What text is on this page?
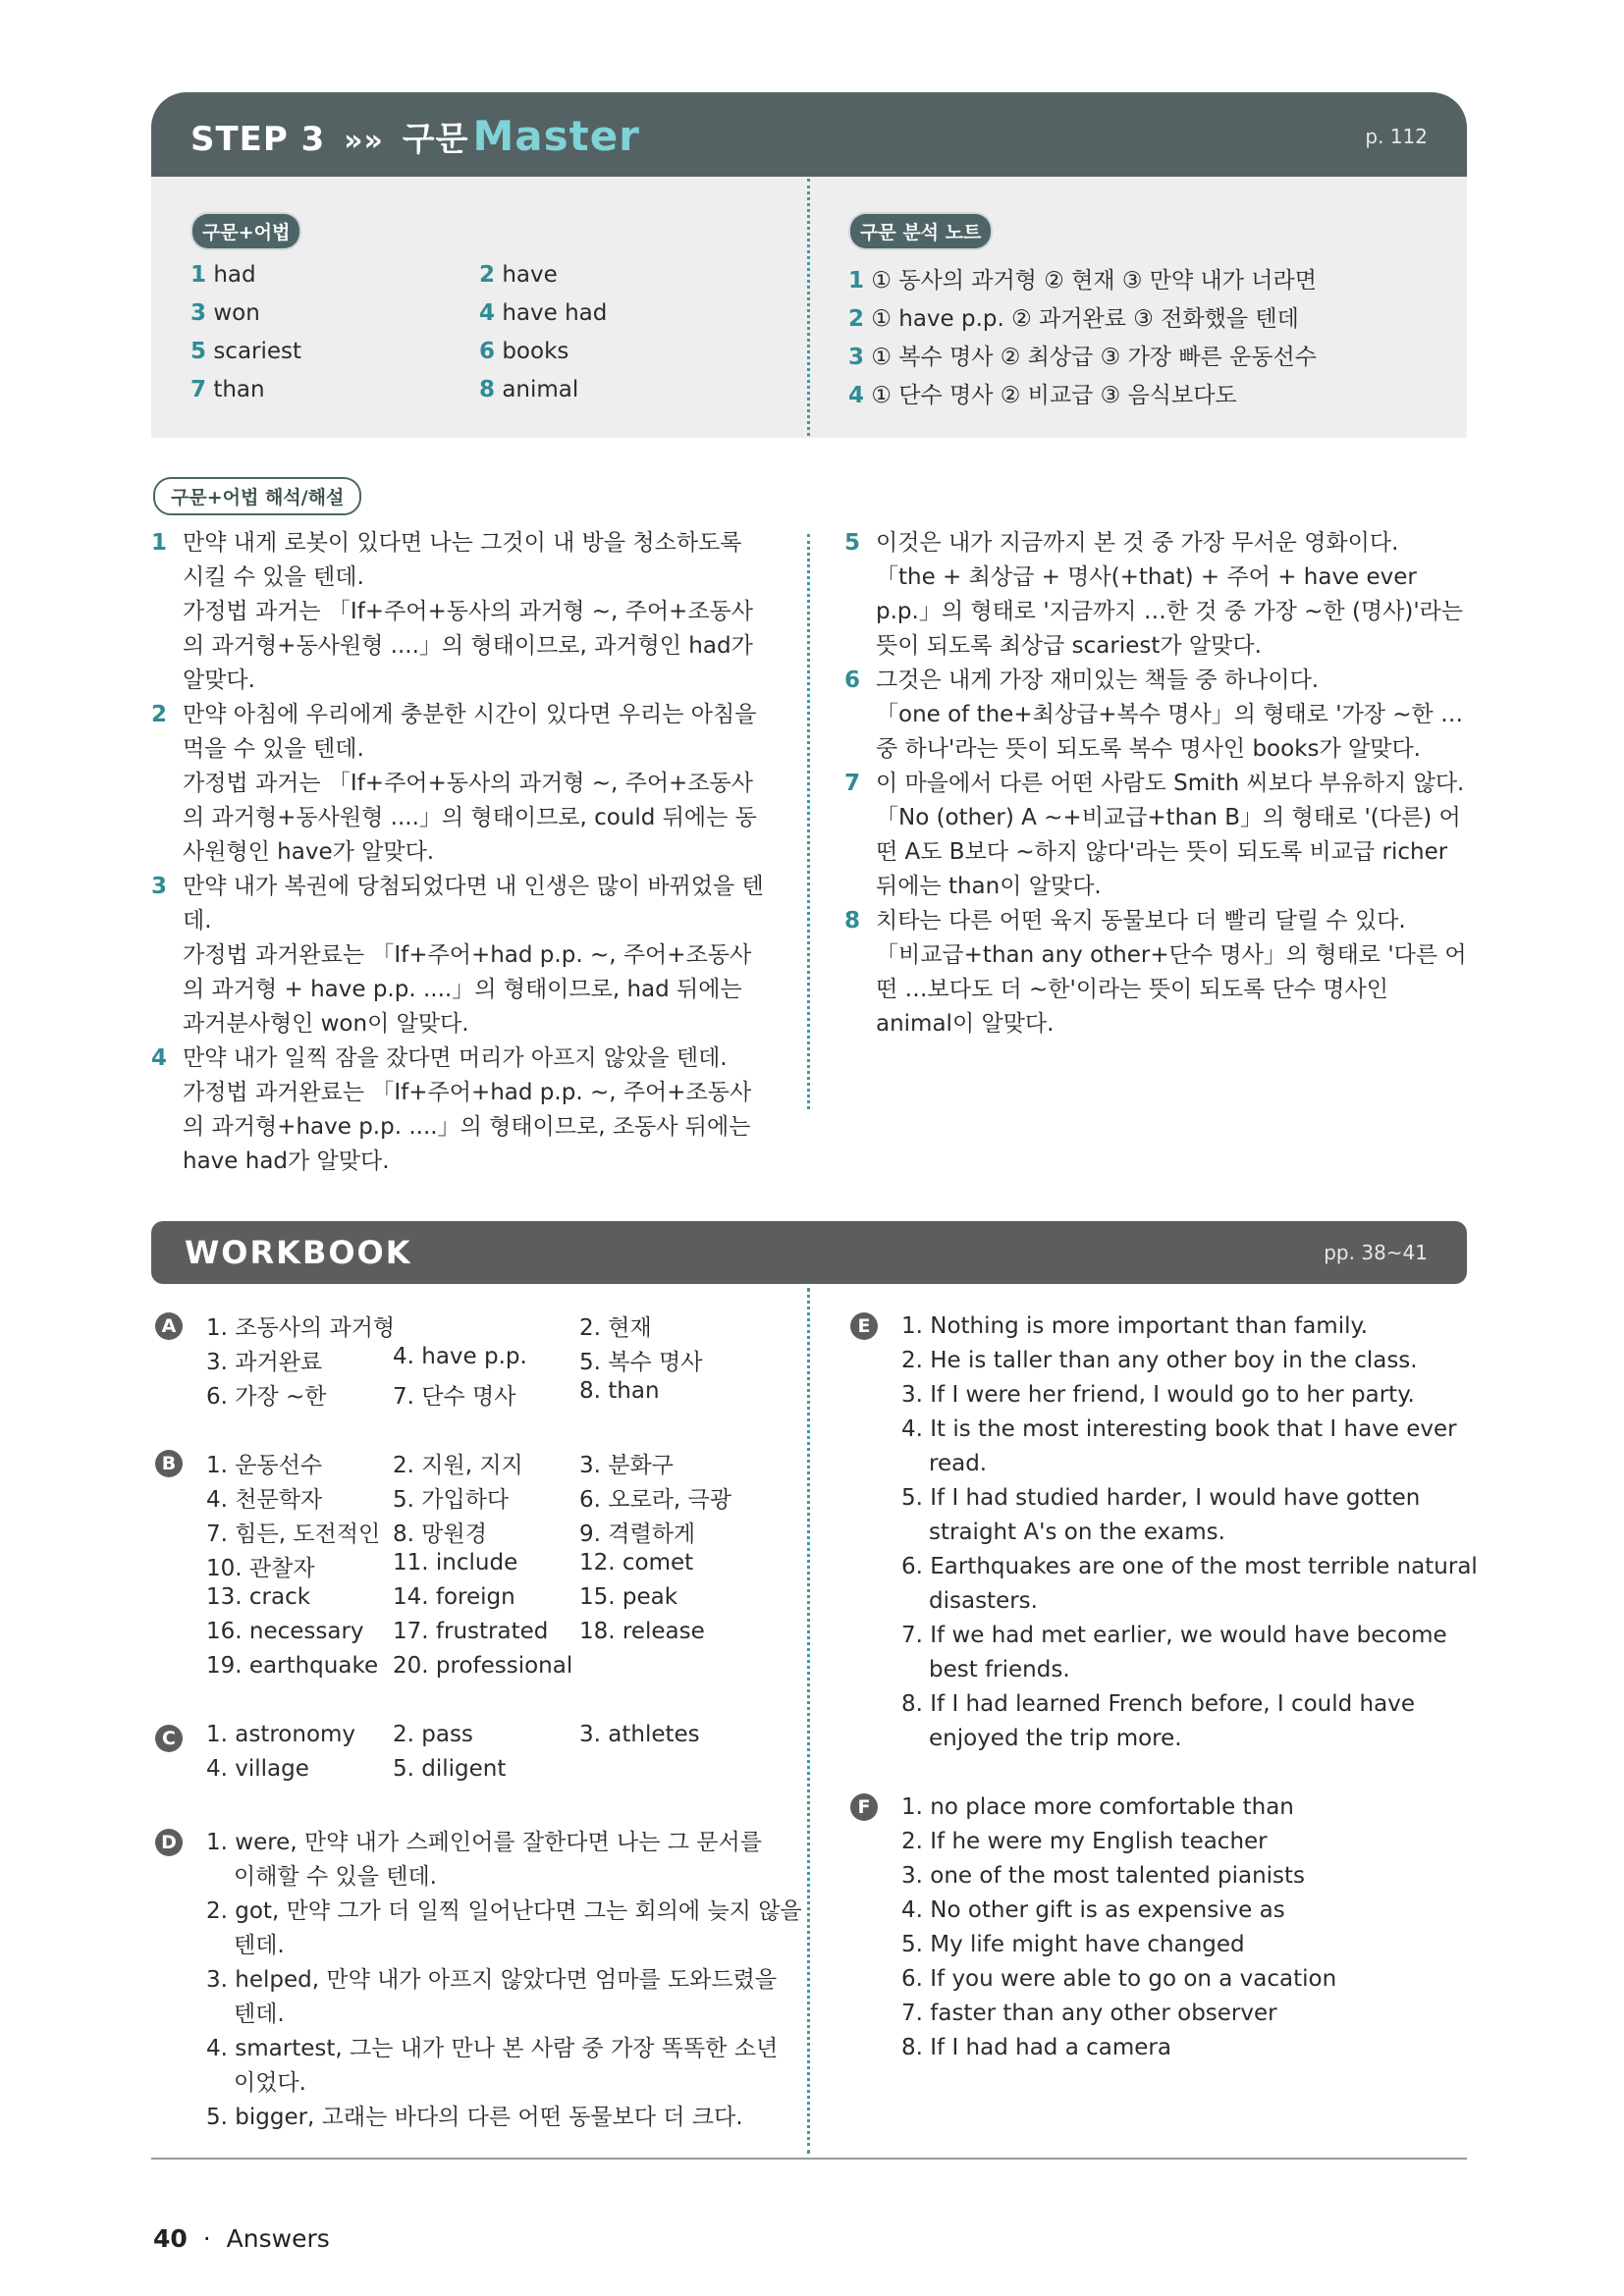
STEP 3 »» 구문Master	p. 112
구문+어법	구문 분석 노트
1 had	2 have
3 won	4 have had
5 scariest	6 books
7 than	8 animal
1 ① 동사의 과거형 ② 현재 ③ 만약 내가 너라면
2 ① have p.p. ② 과거완료 ③ 전화했을 텐데
3 ① 복수 명사 ② 최상급 ③ 가장 빠른 운동선수
4 ① 단수 명사 ② 비교급 ③ 음식보다도
구문+어법 해석/해설
1 만약 내게 로봇이 있다면 나는 그것이 내 방을 청소하도록 시킬 수 있을 텐데.
가정법 과거는 「If+주어+동사의 과거형 ~, 주어+조동사의 과거형+동사원형 ....」의 형태이므로, 과거형인 had가 알맞다.
2 만약 아침에 우리에게 충분한 시간이 있다면 우리는 아침을 먹을 수 있을 텐데.
가정법 과거는 「If+주어+동사의 과거형 ~, 주어+조동사의 과거형+동사원형 ....」의 형태이므로, could 뒤에는 동사원형인 have가 알맞다.
3 만약 내가 복권에 당첨되었다면 내 인생은 많이 바뀌었을 텐데.
가정법 과거완료는 「If+주어+had p.p. ~, 주어+조동사의 과거형 + have p.p. ....」의 형태이므로, had 뒤에는 과거분사형인 won이 알맞다.
4 만약 내가 일찍 잠을 잤다면 머리가 아프지 않았을 텐데.
가정법 과거완료는 「If+주어+had p.p. ~, 주어+조동사의 과거형+have p.p. ....」의 형태이므로, 조동사 뒤에는 have had가 알맞다.
5 이것은 내가 지금까지 본 것 중 가장 무서운 영화이다.
「the + 최상급 + 명사(+that) + 주어 + have ever p.p.」의 형태로 '지금까지 …한 것 중 가장 ~한 (명사)'라는 뜻이 되도록 최상급 scariest가 알맞다.
6 그것은 내게 가장 재미있는 책들 중 하나이다.
「one of the+최상급+복수 명사」의 형태로 '가장 ~한 … 중 하나'라는 뜻이 되도록 복수 명사인 books가 알맞다.
7 이 마을에서 다른 어떤 사람도 Smith 씨보다 부유하지 않다.
「No (other) A ~+비교급+than B」의 형태로 '(다른) 어떤 A도 B보다 ~하지 않다'라는 뜻이 되도록 비교급 richer 뒤에는 than이 알맞다.
8 치타는 다른 어떤 육지 동물보다 더 빨리 달릴 수 있다.
「비교급+than any other+단수 명사」의 형태로 '다른 어떤 …보다도 더 ~한'이라는 뜻이 되도록 단수 명사인 animal이 알맞다.
WORKBOOK	pp. 38~41
A 1. 조동사의 과거형	2. 현재
3. 과거완료	4. have p.p. 5. 복수 명사
6. 가장 ~한	7. 단수 명사	8. than
B 1. 운동선수	2. 지원, 지지 3. 분화구
4. 천문학자	5. 가입하다	6. 오로라, 극광
7. 힘든, 도전적인 8. 망원경	9. 격렬하게
10. 관찰자	11. include	12. comet
13. crack	14. foreign	15. peak
16. necessary 17. frustrated 18. release
19. earthquake 20. professional
C	1. astronomy 2. pass	3. athletes
4. village	5. diligent
D 1. were, 만약 내가 스페인어를 잘한다면 나는 그 문서를
이해할 수 있을 텐데.
2. got, 만약 그가 더 일찍 일어난다면 그는 회의에 늦지 않을
텐데.
3. helped, 만약 내가 아프지 않았다면 엄마를 도와드렸을
텐데.
4. smartest, 그는 내가 만나 본 사람 중 가장 똑똑한 소년
이었다.
5. bigger, 고래는 바다의 다른 어떤 동물보다 더 크다.
E	1. Nothing is more important than family.
2. He is taller than any other boy in the class.
3. If I were her friend, I would go to her party.
4. It is the most interesting book that I have ever
read.
5. If I had studied harder, I would have gotten
straight A's on the exams.
6. Earthquakes are one of the most terrible natural
disasters.
7. If we had met earlier, we would have become
best friends.
8. If I had learned French before, I could have
enjoyed the trip more.
F	1. no place more comfortable than
2. If he were my English teacher
3. one of the most talented pianists
4. No other gift is as expensive as
5. My life might have changed
6. If you were able to go on a vacation
7. faster than any other observer
8. If I had had a camera
40 · Answers
